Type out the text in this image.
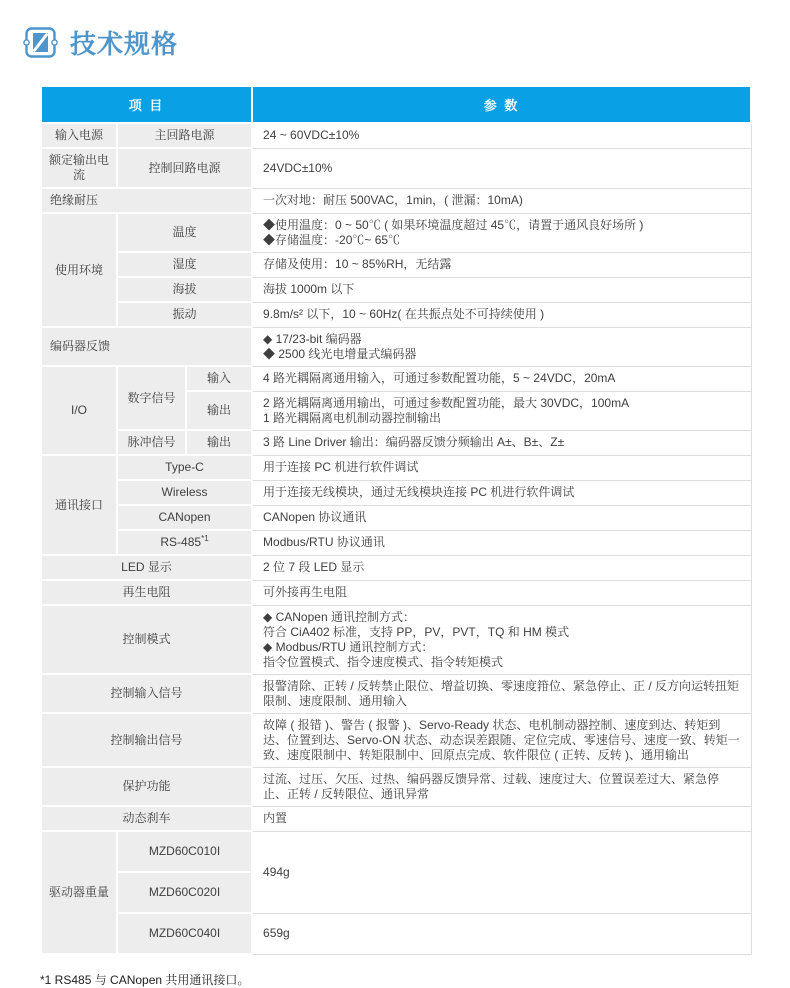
技术规格
项 目			参 数
输入电源	主回路电源		24 ~ 60VDC±10%
额定输出电流	控制回路电源		24VDC±10%
绝缘耐压			一次对地：耐压 500VAC，1min，( 泄漏：10mA)
使用环境	温度		◆使用温度：0 ~ 50℃ ( 如果环境温度超过 45℃，请置于通风良好场所 )
◆存储温度：-20℃~ 65℃

	湿度		存储及使用：10 ~ 85%RH，无结露
	海拔		海拔 1000m 以下
	振动		9.8m/s² 以下，10 ~ 60Hz( 在共振点处不可持续使用 )
编码器反馈			◆ 17/23-bit 编码器
◆ 2500 线光电增量式编码器

I/O	数字信号	输入	4 路光耦隔离通用输入，可通过参数配置功能，5 ~ 24VDC，20mA
		输出	2 路光耦隔离通用输出，可通过参数配置功能，最大 30VDC，100mA
1 路光耦隔离电机制动器控制输出

	脉冲信号	输出	3 路 Line Driver 输出：编码器反馈分频输出 A±、B±、Z±
通讯接口	Type-C		用于连接 PC 机进行软件调试
	Wireless		用于连接无线模块，通过无线模块连接 PC 机进行软件调试
	CANopen		CANopen 协议通讯
	RS-485$^{*1}$		Modbus/RTU 协议通讯
LED 显示			2 位 7 段 LED 显示
再生电阻			可外接再生电阻
控制模式			◆ CANopen 通讯控制方式：
符合 CiA402 标准，支持 PP，PV，PVT，TQ 和 HM 模式
◆ Modbus/RTU 通讯控制方式：
指令位置模式、指令速度模式、指令转矩模式

控制输入信号			报警清除、正转 / 反转禁止限位、增益切换、零速度箝位、紧急停止、正 / 反方向运转扭矩限制、速度限制、通用输入
控制输出信号			故障 ( 报错 )、警告 ( 报警 )、Servo-Ready 状态、电机制动器控制、速度到达、转矩到达、位置到达、Servo-ON 状态、动态误差跟随、定位完成、零速信号、速度一致、转矩一致、速度限制中、转矩限制中、回原点完成、软件限位 ( 正转、反转 )、通用输出
保护功能			过流、过压、欠压、过热、编码器反馈异常、过载、速度过大、位置误差过大、紧急停止、正转 / 反转限位、通讯异常
动态刹车			内置
驱动器重量	MZD60C010I		494g
	MZD60C020I		
	MZD60C040I		659g

*1 RS485 与 CANopen 共用通讯接口。
